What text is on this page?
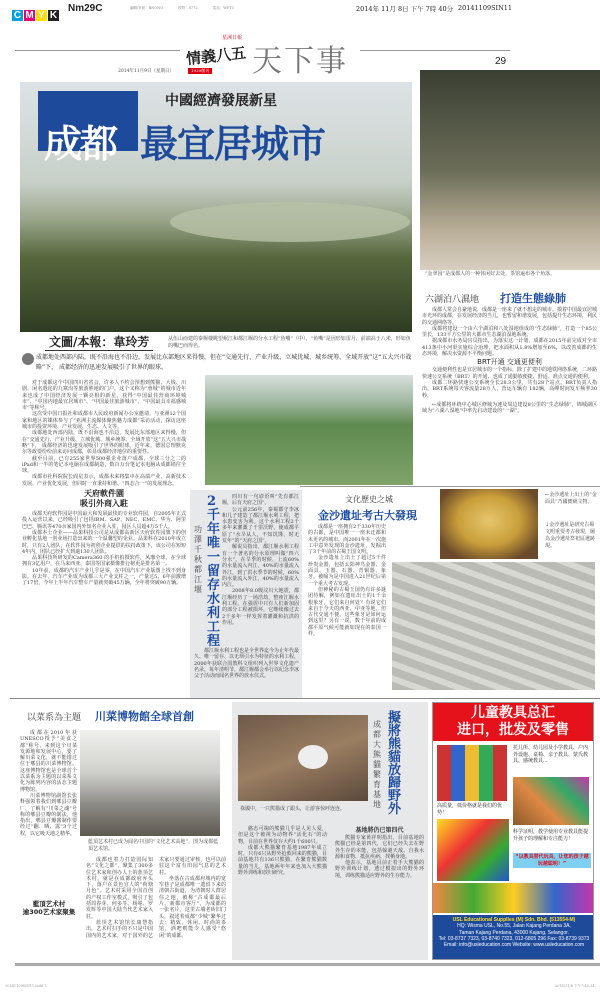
C M Y K
Nm29C	編輯/頁面：BNONG	校對：8772	電話：WFTC	2014年 11月 8日 下午 7時 40分 20141109SIN11
2014年11月9日（星期日）
情義八五
星洲日報
1929創刊 天下事	29
中國經濟發展新星
成都 最宜居城市
“金翠园”是成都人的一种休闲好去处，茶馆遍布各个角落。
文圖/本報：韋玲芳	从伍山而建的秦堰楼眺望岷江和都江堰的分水工程“鱼嘴”（中），“鱼嘴”是因形如雷月、前端高于八米，形如鱼的嘴巴而得名。
成都地处西部内陆，既不沿海也不沿边，发展比东部地区来得慢，但在“交通先行、产业升级、立城优城、城乡统筹、全域开放”这“五大兴市战略”下， 成都经济的迅速发展吸引了世界的眼球。

对于成都这个中国四川省省会，许多人不约会预想到熊猫、大钱、川剧、闲名遐迩的九寨沟等旅游胜地的门户。这个又称为“蓉城”的城市近年来也成了中国经济发展一颗亮相的新星，获得“中国最佳营商环境城市”、“中国内地最宜居城市”、“中国最佳旅游城市”、“中国最具幸福感城市”等称号。

这次受中国日报社和成都市人民政府新闻办公室邀请，与亚洲12个国家和地区的媒体参与了“亚洲主流媒体聚焦魅力成都”采访活动，探访这座城市的投资环境、产业发展、生态、人文等。

成都地处西部内陆，既不沿海也不沿边，发展比东部地区来得慢，但在“交通先行、产业升级、立城优城、城乡统筹、全域开放”这“五大兴市战略”下， 成都经济的迅速发展吸引了世界的眼球。近年来，德国总理默克尔等政要纷纷前来访问成都，彰显成都经济地位的重要性。

截至目前，已有255家世界500强企业落户成都，全球三分之二的iPad和一半的笔记本电脑在成都制造，数百万台笔记本电脑从成都销往全球。

成都市社科院院长阎星表示，成都未来将集中在高端产业、高新技术发展、产业优化发展，但同时一直秉持和谐、“四态合一”的发展理念。

天府軟件園
吸引外商入駐

成都天府软件园是中国最大和发展最快的专业软件园，自2005年正式投入运营以来，已经吸引了包括IBM、SAP、NEC、EMC、华为、阿里巴巴、腾讯等470余家国内外知名企业入驻，园区人员超4万5千人。

成都本土企业——品果科技公司是从成都高新区天府软件园旗下的创业孵化基地一创业场打造出来的一个温馨型的企业。品果科在2010年成立时，只有2人团队，在软件园为初创企业提供的扶持政策下，该公司在短短4年内，团队已经扩大到逾130人团队。

品果科技所研发的Camera360 的手机拍摄软件，风靡全球，在全球拥有3亿用户，在马来西亚、泰国等国家摄像排行榜更是排名第一。

10年前，成都的汽车产业几乎是零，在中国汽车产业版图上找不到身影。在去年，汽车产业成为成都三大产业支柱之一，产量达5、6年前激增了17倍，今年上半年汽车整车产量就突破45万辆，全年将突破90万辆。

六湖泊八濕地 打造生態綠肺

成都人常会自豪地说，成都是一座来了就不想走的城市。摸着中国最宜居城市光环的成都，在发展经济的当儿，也暂留和谐发展，包括提升生态环境，利民的交通网络等。

成都将建设一个由六个湖泊和八处湿地组成的“生态绿肺”，打造一个85公里长，133平方公里的大都市生态湖泊湿地系统。

据成都市水务局官员指出，为落实这一计划，成都在2015年前完成对全市413条中小河渠实施综合治理，把水面积从1.8%增加至6%，以改善成都的生态环境，解决水资源不平衡问题。

BRT开通 交通更便利

交通便利性也是宜居城市的一个指标，除了扩建中的地铁网络系统，二环路快速公交系统（BRT）的开通，也成了通勤族便捷、舒适、准点交通的便利。

成都二环路快速公交系统全长28.3公里，共有28个站点。BRT负责人指出，BRT系统每天客流量28万人，营运车辆有 182辆，高峰时间发车频率30秒。

←成都将环绕中心城区修城为速及周边建设8公里的“生态绿肺”，锦城湖区域为“六湖八湿地”中率先启动建设的“一湖”。

2千年唯一留存水利工程
功澤千秋都江堰

四川有一句谚语叫“先有都江堰，后有天府之国”。

公元前256年，秦蜀郡守李冰和儿子建造了都江堰水利工程，把水患变害为利。这个水利工程2千多年来灌溉了千里沃野，使成都平原了“水旱从人，不知饥馑，时无荒年”的“天府之国”。

解说员指出，都江堰水利工程有一个著名的分水原理叫做“四六分水”。在旱季的时候，上流60%的水量流入内江，40%的水量流入外江，到了洪水季节的时候，60%的水量流入外江，40%的水量流入内江。

2008年8.0级汶川大地震，都江堰经历了一场浩劫，整座江堰水利工程，在强震中只有人们新加固的部分工程被损坏，它继续像过去2千多年一样发挥着灌溉和抗洪的作用。

都江堰水利工程也是全世界迄今为止年代最久、唯一留存、以无坝引水为特征的水利工程，2000年获联合国教科文组织列入世界文化遗产名录，每年清明节，都江堰都会举行以纪念李冰父子活动而闻名世界的放水仪式。

文化歷史之城
金沙遺址考古大發現
←金沙遺址上出土的“金面具”乃國寶級文物。
↓金沙遺址是研究古蜀文明重要考古發現，圖為金沙遺址祭祀區遺跡現。

成都是一座拥有2千330年历史的古都，是中国唯一一座未迁都和未更名的城市。而2001年在一次施工中意外发现的金沙遗址，发掘出了3千年前的古蜀王国文明。

金沙遗址上出土了超过5千件珍贵金器，包括太阳神鸟金器、金面具、玉器、石器、青铜器、象牙，被喻为是中国进入21世纪后第一个重大考古发现。

但神秘的古蜀王国仍有许多谜团待解，例如在遗址出土的1千余根象牙，它们来自何处？有说它们来自于今天的西亚、中亚等地，但古代交通不便，这些象牙是如何运到这里？另有一说，数千年前的成都平原气候可能就如现在的泰国一样。

以菜系為主題 川菜博物館全球首創
藍頂艺术村已成为闻名中国的“文化艺术高地”，图为成都藍頂艺术馆。

成都在2010年获UNESCO授予“美食之都”称号，来到这个川菜发源地和发展中心，要了解川菜文化，就不能错过位于郫县的川菜博物馆。这座博物馆也是全球首个以菜系为主题的以菜系文化为陈列内容的活态主题博物馆。

川菜博物馆副馆长张释强领着我们到郫县豆瓣厂，了解有“川菜之魂”号称的郫县豆瓣的制法，他指出，郫县豆瓣酱制作要经过“翻、晒、露”3个过程，以它吸天地之精华。

藍頂艺术村
逾300艺术家聚集

成都也着力打造国际知名“文化之都”，聚集了300多位艺术家和创办人士的蓝顶艺术村，就是在成都政府弁头下，落户在景色宜人的“荷塘月色”。艺术村采用全国首创的产权工作室模式，吸引了包括周春芽、何多苓、杨冕、罗发辉等中国大陆当代艺术家入驻。

蓝顶艺术馆馆长康慧指出，艺术村扫手的不只是中国国内的艺术家，对于国外的艺术家只要通过审核，也可以前驻这个富有田园气息的艺术村。

坐落在古成都府城内的宽窄巷子是成都唯一遗留下来的清朝古街道，为清朝时人群居住之地，被称“古成都最后片、新都市客厅”，为成都的一张名片，这里古墙老砖旧门头，叙述着成都“少城”繁华过去；精致、休闲、时尚的茶馆，酒吧则能令人感受“悠闲”的成都。

擬將熊貓放歸野外
成都大熊貓繁育基地
祿國中，一只熊猫成了跟头，让游客惊呼连连。

憨态可掬的熊猫几乎是人见人爱，但是这个被视为动物界“活化石”的动物，目前在世界仅存大约1千600只。

成都大熊猫繁育基地1987年成立时，只有6只从野外抢救回来的熊猫，目前基地共有136只熊猫，在繁育熊猫数量的当儿，基地两年年来也加入大熊猫野外训练和放归研究。

基地將仍已第四代

熊猫专家黄祥明指出，目前基地的熊猫已经是第四代，它们已经失去在野外生存的本能，包括躲避天敌、自我水源和食物、抵抗疾病、找栖身地。

他表示，基地目前正着手大熊猫的野外训练计划，透过模拟出的野外环境，训练熊猫适应野外的生存能力。

儿童教具总汇
进口，批发及零售
托儿所、幼儿园及小学教具、户内外设施、桌椅、亲子教具、蒙氏教具、感统教具...
高质量，低价格就是我们的优势！
科学证明，教学使用专业教具能提升孩子的理解和专注能力！
“以教具替代玩具，让您的孩子越玩越聪明！”
USL Educational Supplies (M) Sdn. Bhd. (513554-M)
HQ: Wisma USL, No.55, Jalan Kajang Perdana 3A,
Taman Kajang Perdana, 43000 Kajang, Selangor.
Tel: 03-8737 7323, 03-8740 7323, 012-6805 296 Fax: 03-8739 9373
Email: info@usleducation.com Website: www.usleducation.com
20141109SIN11.indd 1	2014/11/8 下午7:40:34
